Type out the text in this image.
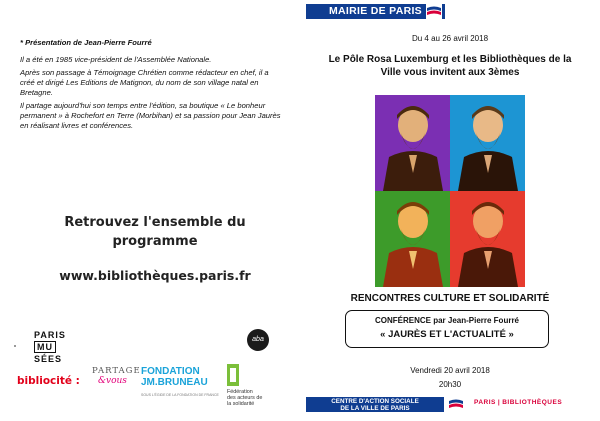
* Présentation de Jean-Pierre Fourré

Il a été en 1985 vice-président de l'Assemblée Nationale.

Après son passage à Témoignage Chrétien comme rédacteur en chef, il a créé et dirigé Les Editions de Matignon, du nom de son village natal en Bretagne.

Il partage aujourd'hui son temps entre l'édition, sa boutique « Le bonheur permanent » à Rochefort en Terre (Morbihan) et sa passion pour Jean Jaurès en réalisant livres et conférences.

Retrouvez l'ensemble du
programme
www.bibliothèques.paris.fr
PARIS
MU
SÉES
bibliocité :
PARTAGE
&vous
FONDATION
JM.BRUNEAU
SOUS L'ÉGIDE DE LA FONDATION DE FRANCE
aba
Fédération
des acteurs de
la solidarité
MAIRIE DE PARIS
Du 4 au 26 avril 2018
Le Pôle Rosa Luxemburg et les Bibliothèques de la
Ville vous invitent aux 3èmes
RENCONTRES CULTURE ET SOLIDARITÉ
CONFÉRENCE par Jean-Pierre Fourré
« JAURÈS ET L'ACTUALITÉ »
Vendredi 20 avril 2018
20h30
CENTRE D'ACTION SOCIALE
DE LA VILLE DE PARIS
PARIS | BIBLIOTHÈQUES
